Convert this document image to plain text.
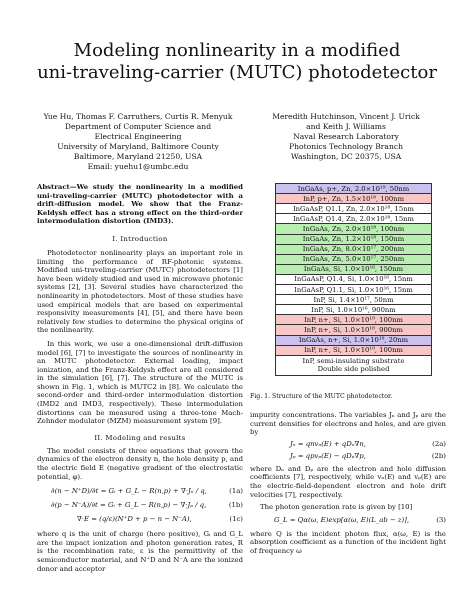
Modeling nonlinearity in a modified
uni-traveling-carrier (MUTC) photodetector
Yue Hu, Thomas F. Carruthers, Curtis R. Menyuk
Department of Computer Science and
Electrical Engineering
University of Maryland, Baltimore County
Baltimore, Maryland 21250, USA
Email: yuehu1@umbc.edu
Meredith Hutchinson, Vincent J. Urick
and Keith J. Williams
Naval Research Laboratory
Photonics Technology Branch
Washington, DC 20375, USA
Abstract—We study the nonlinearity in a modified uni-traveling-carrier (MUTC) photodetector with a drift-diffusion model. We show that the Franz-Keldysh effect has a strong effect on the third-order intermodulation distortion (IMD3).
I. Introduction
Photodetector nonlinearity plays an important role in limiting the performance of RF-photonic systems. Modified uni-traveling-carrier (MUTC) photodetectors [1] have been widely studied and used in microwave photonic systems [2], [3]. Several studies have characterized the nonlinearity in photodetectors. Most of these studies have used empirical models that are based on experimental responsivity measurements [4], [5], and there have been relatively few studies to determine the physical origins of the nonlinearity.
In this work, we use a one-dimensional drift-diffusion model [6], [7] to investigate the sources of nonlinearity in an MUTC photodetector. External loading, impact ionization, and the Franz-Keldysh effect are all considered in the simulation [6], [7]. The structure of the MUTC is shown in Fig. 1, which is MUTC2 in [8]. We calculate the second-order and third-order intermodulation distortion (IMD2 and IMD3, respectively). These intermodulation distortions can be measured using a three-tone Mach-Zehnder modulator (MZM) measurement system [9].
II. Modeling and results
The model consists of three equations that govern the dynamics of the electron density n, the hole density p, and the electric field E (negative gradient of the electrostatic potential, φ).
∂(n − N⁺D)/∂t = Gᵢ + G_L − R(n,p) + ∇·Jₙ / q,	(1a)
∂(p − N⁻A)/∂t = Gᵢ + G_L − R(n,p) − ∇·Jₚ / q,	(1b)
∇·E = (q/ε)(N⁺D + p − n − N⁻A),	(1c)
where q is the unit of charge (here positive), Gᵢ and G_L are the impact ionization and photon generation rates, R is the recombination rate, ε is the permittivity of the semiconductor material, and N⁺D and N⁻A are the ionized donor and acceptor
InGaAs, p+, Zn, 2.0×10¹⁹, 50nm
InP, p+, Zn, 1.5×10¹⁸, 100nm
InGaAsP, Q1.1, Zn, 2.0×10¹⁸, 15nm
InGaAsP, Q1.4, Zn, 2.0×10¹⁸, 15nm
InGaAs, Zn, 2.0×10¹⁸, 100nm
InGaAs, Zn, 1.2×10¹⁸, 150nm
InGaAs, Zn, 8.0×10¹⁷, 200nm
InGaAs, Zn, 5.0×10¹⁷, 250nm
InGaAs, Si, 1.0×10¹⁶, 150nm
InGaAsP, Q1.4, Si, 1.0×10¹⁶, 15nm
InGaAsP, Q1.1, Si, 1.0×10¹⁶, 15nm
InP, Si, 1.4×10¹⁷, 50nm
InP, Si, 1.0×10¹⁶, 900nm
InP, n+, Si, 1.0×10¹⁹, 100nm
InP, n+, Si, 1.0×10¹⁸, 900nm
InGaAs, n+, Si, 1.0×10¹⁹, 20nm
InP, n+, Si, 1.0×10¹⁹, 100nm
InP, semi-insulating substrate
Double side polished
Fig. 1. Structure of the MUTC photodetector.
impurity concentrations. The variables Jₙ and Jₚ are the current densities for electrons and holes, and are given by
Jₙ = qnvₙ(E) + qDₙ∇n,	(2a)
Jₚ = qpvₚ(E) − qDₚ∇p,	(2b)
where Dₙ and Dₚ are the electron and hole diffusion coefficients [7], respectively, while vₙ(E) and vₚ(E) are the electric-field-dependent electron and hole drift velocities [7], respectively.
The photon generation rate is given by [10]
G_L = Qα(ω, E)exp[α(ω, E)(L_ab − z)],	(3)
where Q is the incident photon flux, α(ω, E) is the absorption coefficient as a function of the incident light of frequency ω
